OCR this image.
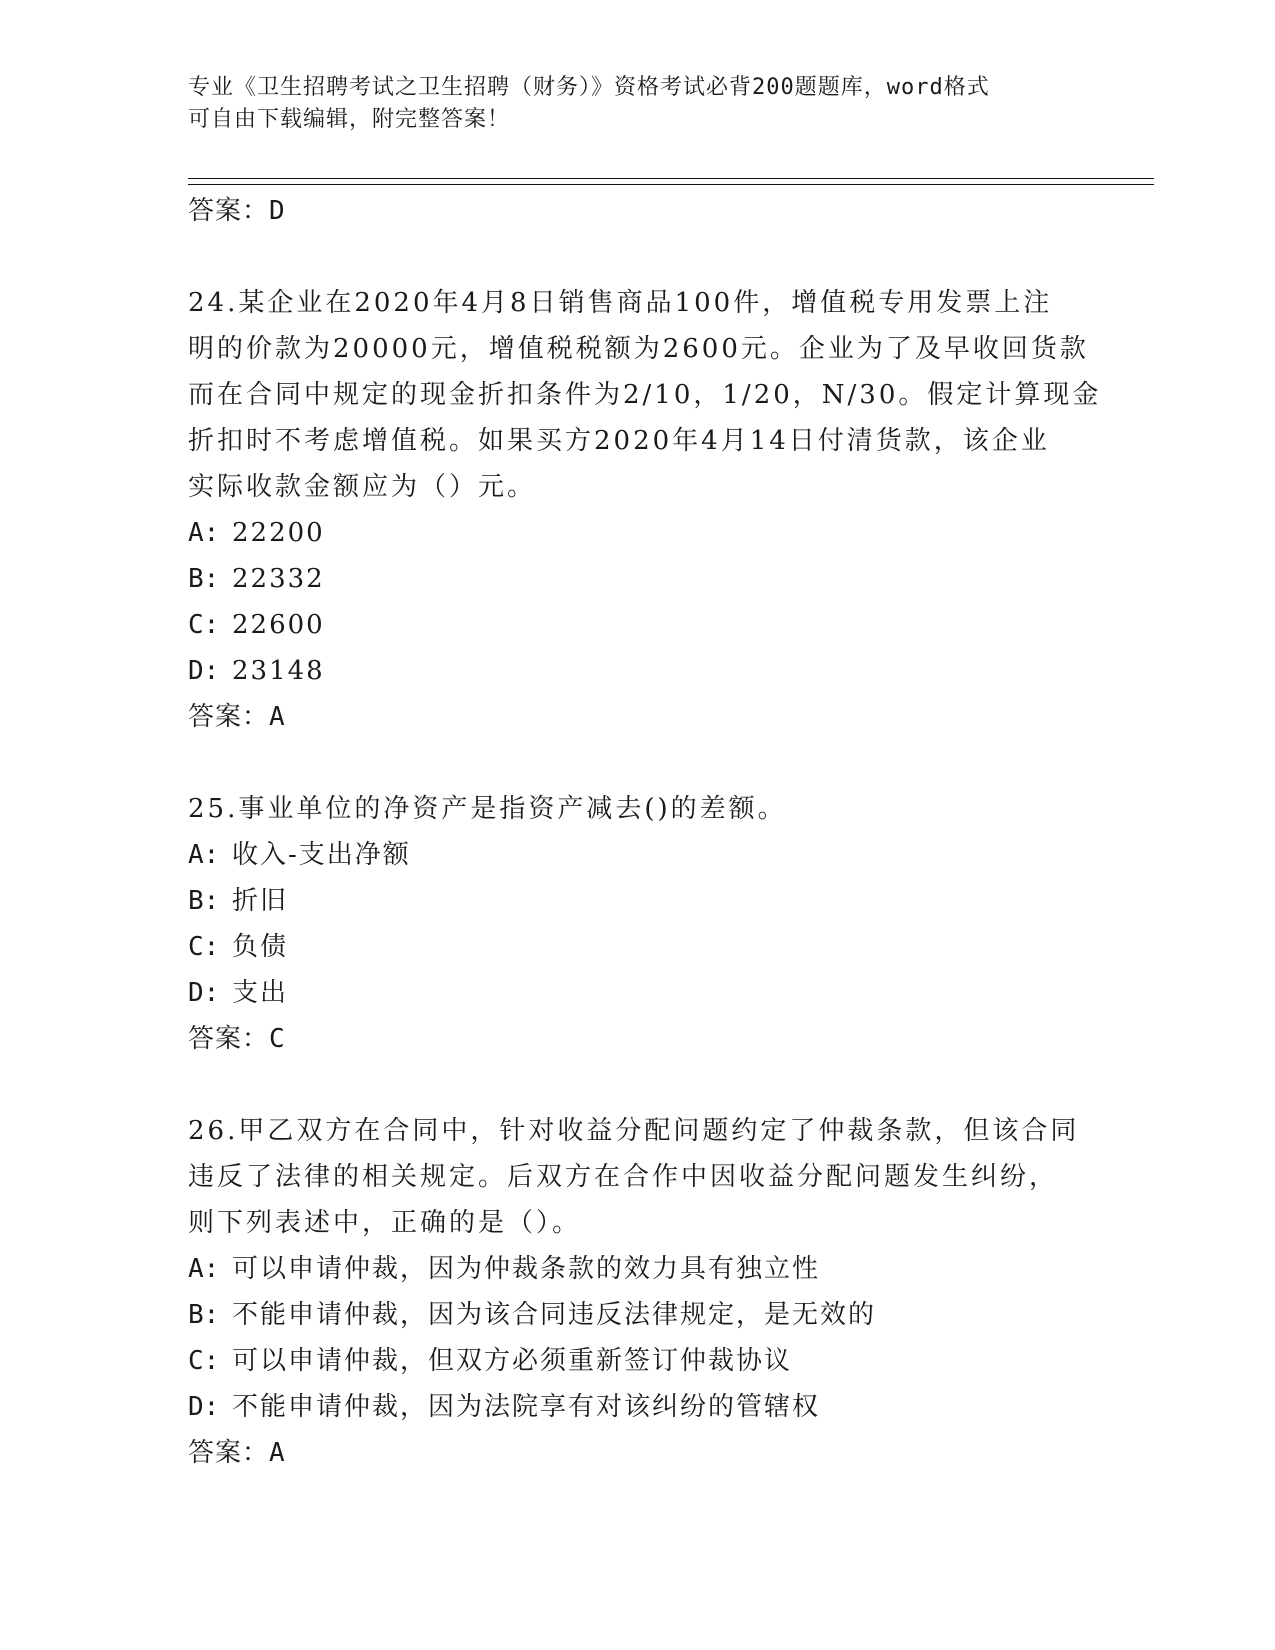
专业《卫生招聘考试之卫生招聘（财务）》资格考试必背200题题库，word格式
可自由下载编辑，附完整答案！
答案：D
24.某企业在2020年4月8日销售商品100件，增值税专用发票上注
明的价款为20000元，增值税税额为2600元。企业为了及早收回货款
而在合同中规定的现金折扣条件为2/10，1/20，N/30。假定计算现金
折扣时不考虑增值税。如果买方2020年4月14日付清货款，该企业
实际收款金额应为（）元。
A: 22200
B: 22332
C: 22600
D: 23148
答案：A
25.事业单位的净资产是指资产减去()的差额。
A: 收入-支出净额
B: 折旧
C: 负债
D: 支出
答案：C
26.甲乙双方在合同中，针对收益分配问题约定了仲裁条款，但该合同
违反了法律的相关规定。后双方在合作中因收益分配问题发生纠纷，
则下列表述中，正确的是（）。
A: 可以申请仲裁，因为仲裁条款的效力具有独立性
B: 不能申请仲裁，因为该合同违反法律规定，是无效的
C: 可以申请仲裁，但双方必须重新签订仲裁协议
D: 不能申请仲裁，因为法院享有对该纠纷的管辖权
答案：A
